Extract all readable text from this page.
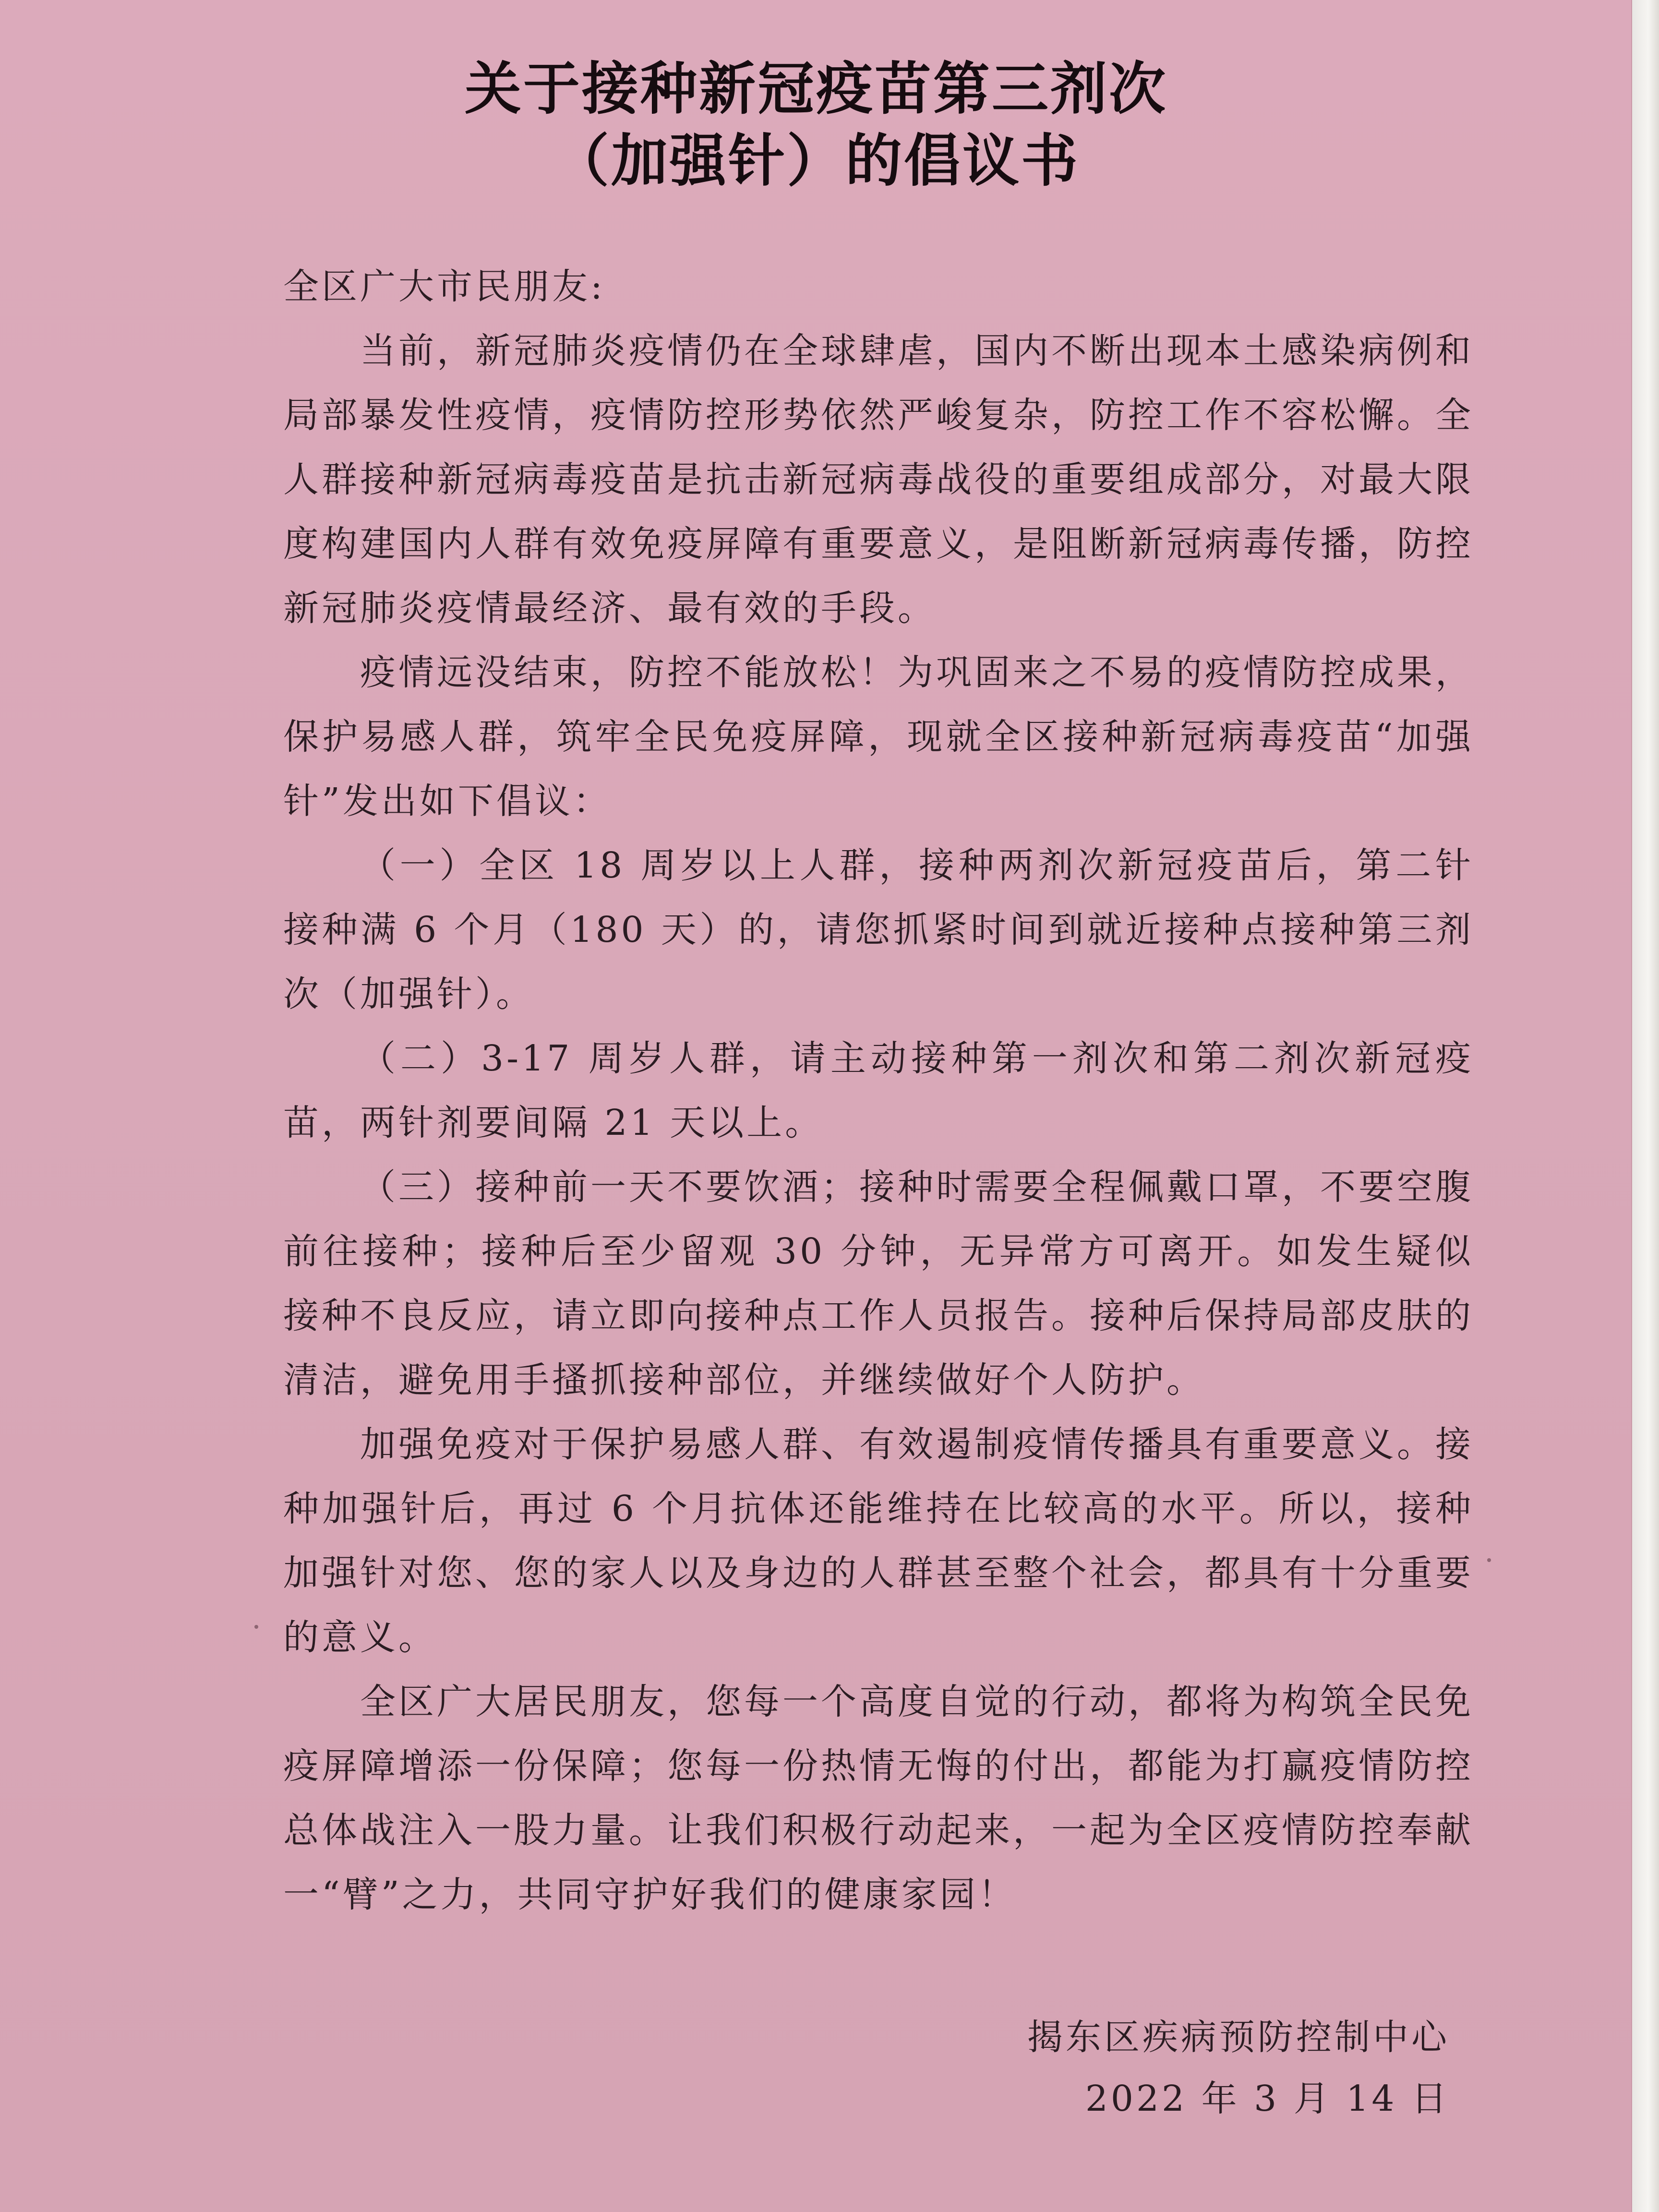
关于接种新冠疫苗第三剂次
（加强针）的倡议书

全区广大市民朋友:

当前，新冠肺炎疫情仍在全球肆虐，国内不断出现本土感染病例和局部暴发性疫情，疫情防控形势依然严峻复杂，防控工作不容松懈。全人群接种新冠病毒疫苗是抗击新冠病毒战役的重要组成部分，对最大限度构建国内人群有效免疫屏障有重要意义，是阻断新冠病毒传播，防控新冠肺炎疫情最经济、最有效的手段。

疫情远没结束，防控不能放松！为巩固来之不易的疫情防控成果，保护易感人群，筑牢全民免疫屏障，现就全区接种新冠病毒疫苗“加强针”发出如下倡议：

（一）全区 18 周岁以上人群，接种两剂次新冠疫苗后，第二针接种满 6 个月（180 天）的，请您抓紧时间到就近接种点接种第三剂次（加强针）。

（二）3-17 周岁人群，请主动接种第一剂次和第二剂次新冠疫苗，两针剂要间隔 21 天以上。

（三）接种前一天不要饮酒；接种时需要全程佩戴口罩，不要空腹前往接种；接种后至少留观 30 分钟，无异常方可离开。如发生疑似接种不良反应，请立即向接种点工作人员报告。接种后保持局部皮肤的清洁，避免用手搔抓接种部位，并继续做好个人防护。

加强免疫对于保护易感人群、有效遏制疫情传播具有重要意义。接种加强针后，再过 6 个月抗体还能维持在比较高的水平。所以，接种加强针对您、您的家人以及身边的人群甚至整个社会，都具有十分重要的意义。

全区广大居民朋友，您每一个高度自觉的行动，都将为构筑全民免疫屏障增添一份保障；您每一份热情无悔的付出，都能为打赢疫情防控总体战注入一股力量。让我们积极行动起来，一起为全区疫情防控奉献一“臂”之力，共同守护好我们的健康家园！

揭东区疾病预防控制中心
2022 年 3 月 14 日
